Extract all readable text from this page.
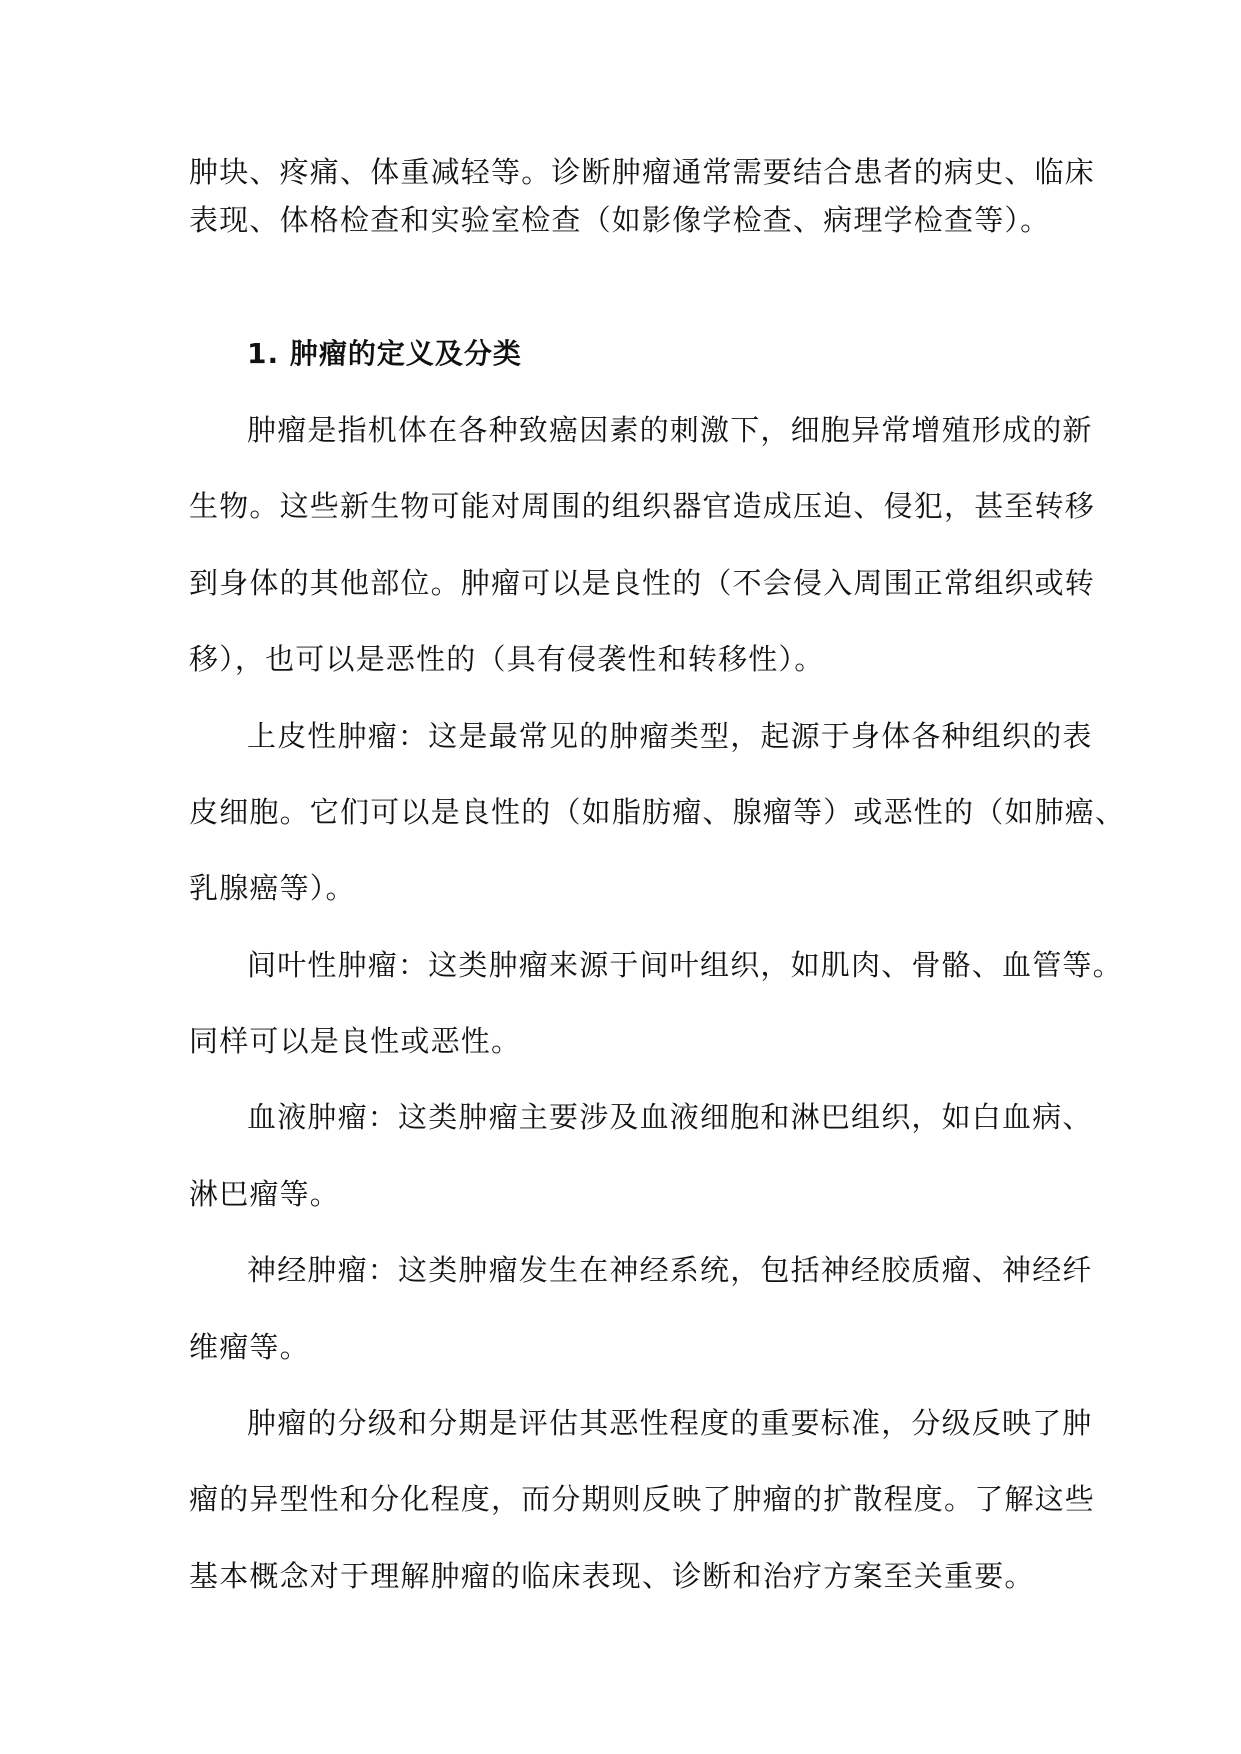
肿块、疼痛、体重减轻等。诊断肿瘤通常需要结合患者的病史、临床
表现、体格检查和实验室检查（如影像学检查、病理学检查等）。
1. 肿瘤的定义及分类
肿瘤是指机体在各种致癌因素的刺激下，细胞异常增殖形成的新
生物。这些新生物可能对周围的组织器官造成压迫、侵犯，甚至转移
到身体的其他部位。肿瘤可以是良性的（不会侵入周围正常组织或转
移），也可以是恶性的（具有侵袭性和转移性）。
上皮性肿瘤：这是最常见的肿瘤类型，起源于身体各种组织的表
皮细胞。它们可以是良性的（如脂肪瘤、腺瘤等）或恶性的（如肺癌、
乳腺癌等）。
间叶性肿瘤：这类肿瘤来源于间叶组织，如肌肉、骨骼、血管等。
同样可以是良性或恶性。
血液肿瘤：这类肿瘤主要涉及血液细胞和淋巴组织，如白血病、
淋巴瘤等。
神经肿瘤：这类肿瘤发生在神经系统，包括神经胶质瘤、神经纤
维瘤等。
肿瘤的分级和分期是评估其恶性程度的重要标准，分级反映了肿
瘤的异型性和分化程度，而分期则反映了肿瘤的扩散程度。了解这些
基本概念对于理解肿瘤的临床表现、诊断和治疗方案至关重要。
